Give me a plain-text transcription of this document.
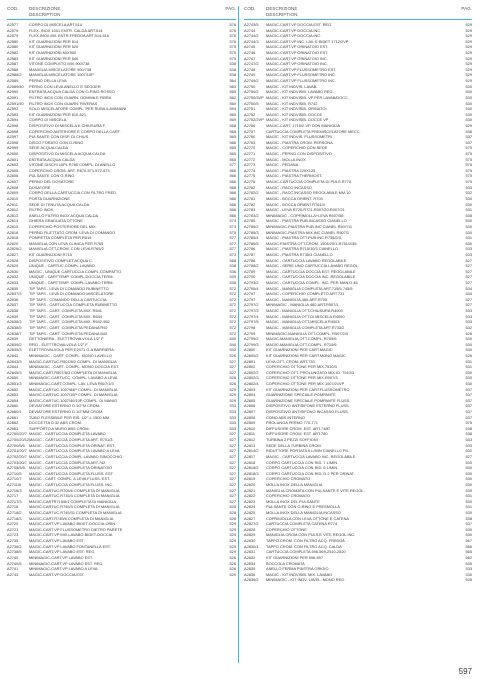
COD.	DESCRIZIONE
DESCRIPTION
PAG.
A2577	CORPO DI MISCELA ART.514	576
A2579	FLEX. INOX 1001 ENTR. CALDA ART.514	576
A2579	FLEX.INOX 891 ENTR.FREDDA ART.514-516	576
A2580	KIT GUARNIZIONI PER 514	576
A2580	KIT GUARNIZIONI PER 520	575
A2582	KIT GUARNIZIONI MIX900	575
A2583	KIT GUARNIZIONI PER 540	575
A2587	VITONE COMPLETO MIX.900/738	538
A2588	MANIGLIA MISCELATORE 900/738	538
A2588/2	MANIGLIA MISCELATORE 1007/10P	538
A2589	PERNO DELLA LEVA	564
A2589/40	PERNO CON LEVA ANELLO E SEGGER	563
A2590	ENTRATA ACQUA CALDA CON O-RING ROSSO	565
A2591	FILTRO INOX CON GUARN. GOMMA E FIBRA	562
A2591/40	FILTRO INOX CON GUARN. RIVERAS	560
A2592	SOLO MISCELATORE COMPL. PER RUBIL/LAVAMANI	594
A2593	KIT GUARNIZIONI PER 810-821	569
A2594	CORPO DI MISCELA	569
A2596	DISPOSITIVO DI MISCELA E CHIUSURA F.	568
A2598	COPERCHIO ANTERIORE E CORPO DELLA CART.	565
A2597	PULSANTE CON DISP. DI CHIUS.	565
A2598	DISCO FORATO CON O-RING	566
A2599	SEDE ACQUA CALDA	565
A2600	DISPOSITIVO DI MISCELA ACQUA CALDA	565
A2601	ENTRATA ACQUA CALDA	565
A2602	VITONE DISCHI 10PL R765 COMPL. DI ANELLO	577
A2605	COPERCHIO CROM. ART. R670-571-572-573	566
A2606	PULSANTE CON O-RING	566
A2607	PERNO DEL DOSATORE	566
A2608	DOSATORE	566
A2609	CORPO DELLA CARTUCCIA CON FILTRO FRED.	566
A2610	PORTA GUARNIZIONE	566
A2611	SEDE DI TENUTA ACQUA CALDA	566
A2612	FILTRO INOX	566
A2613	ANELLO FILTRO INOX ACQUA CALDA	566
A2614	GHIERA GRADUATA OTTONE	574
A2615	COPERCHIO POSTERIORE DEL MIX.	574
A2616	PERNO FILETTATO CROM. LEVA DI COMANDO	575
A2618	POMPETTA COMPLETA PER R819	577
A2620	MANIGLIA CON LEVA CLINICA PER R765	577
A2626/2	MANIGLIA OTT.CROM. CON LEVA R765/2	577
A2627	KIT GUARNIZIONI R715	573
A2628	DISPOSITIVO COMPLET.ACQUA C.	568
A2629	UNIQUE - CARTUC.COMPL.LAVABO	538
A2630	MAGIC - UNIQUE CARTUCCIA COMPL.COMPATTO	536
A2632	UNIQUE - CARTTEMP. COMPL.DOCCIA TERM.	539
A2633	UNIQUE - CARTTEMP. COMPL.LAVABO TERM.	538
A2635	TIP TAPS - LEVA DI COMANDO RUBINETTO	572
A2637/3	TIP TAPS - LEVA DI COMANDO MISCELATORE	572
A2636	TIP TAPS - COMANDO DELLA CARTUCCIA	572
A2637	TIP TAPS - CARTUCCIA COMPLETA RUBINETTO	572
A2638	TIP TAPS - CART. COMPLETA MIX. R641	572
A2639	TIP TAPS - CART. COMPLETA MIX. R644	572
A2638/3	TIP TAPS - CART. COMPLETA MIX. R642-952	572
A2638/5	TIP TAPS - CART. COMPLETA PEDANA R92	572
A2638/7	TIP TAPS - CART. COMPLETA PEDANA MIX	572
A2639	GETTONIERA - ELETTROVALVOLA 1/2" F	540
A2639/2	RFID - ELETTROVALVOLA 1/2" F	540
A2639/3	ELETTROVALVOLA PER E2071 G.A BARRIERA	532
A2642	MINIMAGIC - CART. COMPL. MONO LAVELLO	526
A2643/3	MAGIC-CARTUC.R507/8/2 COMPL. DI MANIGLIA	527
A2644	MINIMAGIC - CART. COMPL. MONO DOCCIA EST.	527
A2645/3	MAGIC-CART.R507/8/3 COMPLETA DI MANIGLIA	527
A2650	MINIMAGIC-CARTUCC. COMPL. LAVABO A LEVA	526
A2651/3	MINIMAGIC-CART.COMPL. LAV. LEVA R507/1/3	526
A2652	MAGIC-CARTUC.1007/84P COMPL. DI MANIGLIA	529
A2653	MAGIC-CARTUC.1007/10P COMPL. DI MANIGLIA	529
A2654	MAGIC-CARTUC.1007/40/10P COMPL. DI MANIG.	529
A2660	DEVIATORE ESTERNO D.1/2"M CROM.	533
A2660/1	DEVIATORE ESTERNO D.1/2"MM CROM.	533
A2661	TUBO FLESSIBILE PER RIS. 1/2"-L.1500 MM	533
A2662	DOCCETTA D.32 ABS CROM.	533
A2663	SUPPORTO A MURO ABS CROM.	533
A2700/20/7 MAGIC - CARTUCCIA COMPLETA LAVABO	527
A2700/20/12 MAGIC - CARTUCCIA COMPLETA ART. R701/3	527
A2700/5/5	MAGIC - CARTUCCIA COMPLETA ORINAT. EST.	527
A2701/20/7 MAGIC - CARTUCCIA COMPLETA LAVABO A LEVA	527
A2702/20/7 MAGIC - CARTUCCIA COMPL.LAVABO GINOCCHIO	527
A2703/20/7 MAGIC - CARTUCCIA COMPLETA ART.742	527
A2705/5/5	MAGIC - CARTUCCIA COMPLETA ORINATOIO	527
A2710/5	MAGIC - CARTUCCIA COMPLETA FLUSS. EST.	527
A2710/7	MAGIC - CART. COMPL. A LEVA FLUSS. EST.	527
A2711/6	MAGIC - CARTUCCIA COMPLETA FLUSS. INC.	527
A2716/3	MAGIC-CARTUC.R705/6 COMPLETA DI MANIGLIA	527
A2717	MAGIC-CARTUC.R715/3 COMPLETA DI MANIGLIA	527
A2717/3	MAGIC-CARTR715/6/1 COMPLETA DI MANIGLIA	527
A2718	MAGIC-CARTUC.R745/3 COMPLETA DI MANIGLIA	528
A2718/2	MAGIC-CARTUC.R745/31 COMPLETA DI MANIGLIA	528
A2718/3	MAGIC-CART.R745/6 COMPLETA DI MANIGLIA	528
A2720	MAGIC-CART.VP LAVABO BIDET-DOCCIA-ORIN.	529
A2721	MAGIC-CART.VP FLUSSOMETRO DIETRO PARETE	529
A2723	MAGIC-CART.VP MIX.LAVABO-BIDET-DOCCIA	529
A2735	MAGIC-CART.VP LAVABO EST.	529
A2736/2	MAGIC-CART.VP LAVABO FONTANELLA EST.	529
A2738/5	MAGIC-CART.VP LAVABO EST. REG.	529
A2740	MINIMAGIC-CART.VP LAVABO EST.	526
A2740/5	MINIMAGIC-CART.VP LAVABO EST. REG.	526
A2741	MINIMAGIC-CART.VP LAVABO A LEVA	526
A2743	MAGIC-CART.VP DOCCIA EST.	529
COD.	DESCRIZIONE
DESCRIPTION
PAG.
A2743/5	MAGIC-CART.VP DOCCIA EST. REG.	529
A2744	MAGIC-CART.VP DOCCIA INC.	529
A2744/2	MAGIC-CART.VP DOCCIA INC.	529
A2744/3	MAGIC-CART.VP INC. LAV. E BIDET 1712/2VP	529
A2745	MAGIC-CART.VP ORINATOIO EST.	529
A2746	MAGIC-CART.VP ORINATOIO EST.	529
A2747	MAGIC-CART.VP ORINATOIO INC.	529
A2747/2	MAGIC-CART.VP ORINATOIO INC.	529
A2748	MAGIC-CART.VP FLUSSOMETRO EST.	529
A2749	MAGIC-CART.VP FLUSSOMETRO INC.	529
A2749/2	MAGIC-CART.VP FLUSSOMETRO INC.	529
A2750	MAGIC - KIT INDVIS. LAVAB.	530
A2750/2	MAGIC - KIT INDVISIB. LAVABO REG.	530
A2750/3VP MAGIC - KIT INDVISIB. VP PER LAVAB/DOCC.	530
A2750/5	MAGIC - KIT INDVISIB. R742	530
A2751	MAGIC - KIT INDVISIB. ORINATOI	530
A2752	MAGIC - KIT INDVISIB. DOCCE	530
A2752/2VP MAGIC - KIT INDVISIB. DOCCE VP	530
A2756	MAGIC-CART. 1715/2-VP CON MANIGLIA	529
A2757	CARTUCCIA COMPLETA PREMISCELATORE MECC.	538
A2760	MAGIC - KIT INDVIS. FLUSSOMETRI	537
A2763	MAGIC - PIASTRA CROM. PERSONA	537
A2770	MAGIC - COPERCHIO CON SEDE	575
A2771	MAGIC - PERNO CON DISPOSITIVO	575
A2772	MAGIC - MOLLA INOX	575
A2773	MAGIC - PEDANA	575
A2774	MAGIC - PIASTRA 125X125	575
A2775	MAGIC - PIASTRA THERMOST.	575
A2776	MAGIC-CARTUCCIA COMPLETA DI PULS.R770	575
A2782	MAGIC - RACC.INCASSO	533
A2782/2	MAGIC - RACC.INCASSO REGOLABILE MM.10	532
A2781	MAGIC - BOCCA ORIENT. R703	530
A2782	MAGIC - BOCCA ORIENT.R761/4	530
A2783	MAGIC - LEVA R720-R721-R007/20-R007/21	531
A2783/2	MINIMAGIC - COPRIMOLLA+LEVA R507/58	538
A2785	MAGIC - PIASTRA PUB.INCASSO CIANELLO	530
A2785/2	MINIMAGIC-PIASTRA PUB.INC.CIANEL R507/11	530
A2785/3	MINIMAGIC-PIASTRA MIX.INC.CIANEL R507/1	530
A2785/4	MAGIC - PIASTRA OTT.PUB.INC.R735/2/3	531
A2785/5	MAGIC-PIASTRA OTT.CROM. 1504/20/1-R751/2/45	530
A2786	MAGIC - PIASTRA R715/10/3 CIANELLO	533
A2787	MAGIC - PIASTRA R735/3 CIANELLO	533
A2788	MAGIC - CARTUCCIA LAVABO REGOLABILE	527
A2788/2	MAGIC - SERIE UNO CARTUCCIA LAVABO REGOL.	527
A2789	MAGIC - CARTUCCIA DOCCIA EST. REGOLABILE	527
A2790	MAGIC - CARTUCCIA DOCCIA INC. REGOLABILE	527
A2793/2	MAGIC - CARTUCCIA COMPL. INC. PER MAN.D.45	527
A2795/4	MAGIC - MANIGLIA COMPLETA ART.715/5-745/5	534
A2797	MAGIC - COPERCHIO COMPLETO ART.731	534
A2797	MAGIC - MANIGLIA 480-ART.R705	527
A2797/2	MINIMAGIC - MANIGLIA 480-ART.R507/1	527
A2797/3	MAGIC - MANIGLIA OTT.CHIUSURA R4000	533
A2797/4	MAGIC - MANIGLIA OTT.DI MISCELA R4000	533
A2797/5	MAGIC - MANIGLIA OTT.MISCELA R4003	533
A2798	MAGIC - MANIGLIA COMPLETA ART.R733/2	532
A2799	MINIMAGIC-MANIGLIA OTT.COMPL. R507/2/3	526
A2799/2	MAGIC-MANIGLIA OTT.COMPL. R705/6	530
A2799/3	MAGIC-MANIGLIA OTT.COMPL. R715/6	530
A2800	KIT GUARNIZIONI PER CART.MAGIC	530
A2800/2	KIT GUARNIZIONI PER CART.MONO MAGIC	526
A2801	LEVA OTT. CROM. ART.733	531
A2802	COPERCHIO OTTONE PER MIX.7510/3	531
A2802/2	COPERCHIO OTT. PROLUNGATO MIX.ID. 7510/3	530
A2802/3	COPERCHIO OTTONE PER MIX.R007/3	530
A2802/4	COPERCHIO OTTONE PER MIX.1007/21VP	530
A2803	KIT GUARNIZIONI PER CART.FLUSSOMETRO	537
A2804	GUARNIZIONE SPECIALE POMPANTE	537
A2805	GUARNIZIONE SPECIALE POMPANTE FLUSS.	537
A2806	DISPOSITIVO ANTISIFONE ESTERNO FLUSS.	537
A2807	DISPOSITIVO ANTISIFONO INCASSO FLUSS.	537
A2808	CONO ABS INTERNO	537
A2809	PROLUNGA PERNO 770-771	575
A2810	DIFFUSORE CROM. EST. ART.7480	538
A2811	DIFFUSORE CROM. EST. ART.780	538
A2812	TURBINA 2 PEZZI SOFFIONI	533
A2813	SEDE DELLA TURBINA CROM.	533
A2814/2	RIDUTTORE PORTATA 6 L/MIN CIANELLO FIL.	532
A2817	MAGIC - CARTUCCIA LAVABO INC. REGOLABILE	527
A2818	CORPO CARTUCCIA CON RID. 7 L/MIN	530
A2818/2	CORPO CARTUCCIA CON RID. 6 L/MIN	530
A2818/3	CORPO CARTUCCIA CON RID. D.2 PER ORINAT.	530
A2819	COPERCHIO CROMATO	530
A2820	MOLLA INOX DELLA MANIGLIA	530
A2821	MANIGLIA CROMATA CON PULSANTE E VITE REGOL.	530
A2822	COPERCHIO CROMATO	531
A2823	MOLLA INOX DEL PULSANTE	530
A2824	PULSANTE CON O-RING E PRESMOLLA	531
A2825	MOLLA INOX DELLA MANIGLIA INCASSO	530
A2827	COPRIMOLLA CON LEVA OTTONE E CATENA	538
A2827/2	CARTUCCIA COMPLETA CATENA R774	537
A2828	COPERCHIO OTTONE	530
A2829	MANIGLIA CROM.CON PULS.E VITE REGOL.INC.	530
A2830	TAPPO CROM. CON FILTRO ACQ. FREDDA	567
A2830/1	TAPPO CROM. CON FILTRO ACQ. CALDA	566
A2831	CARTUCCIA COMPLETA 598-569-2510-2520	565
A2832	KIT GUARNIZIONI PER 596-597	562
A2834	BOCCOLA CROMATA	535
A2835	ANELLO FERMA PIASTRA GRIGIO	533
A2836	MAGIC - KIT INDVISIB. MIX. LAVABO	530
A2836/2	MINIMAGIC - KIT INDV. LAVEL. MONO REG.	535
597
